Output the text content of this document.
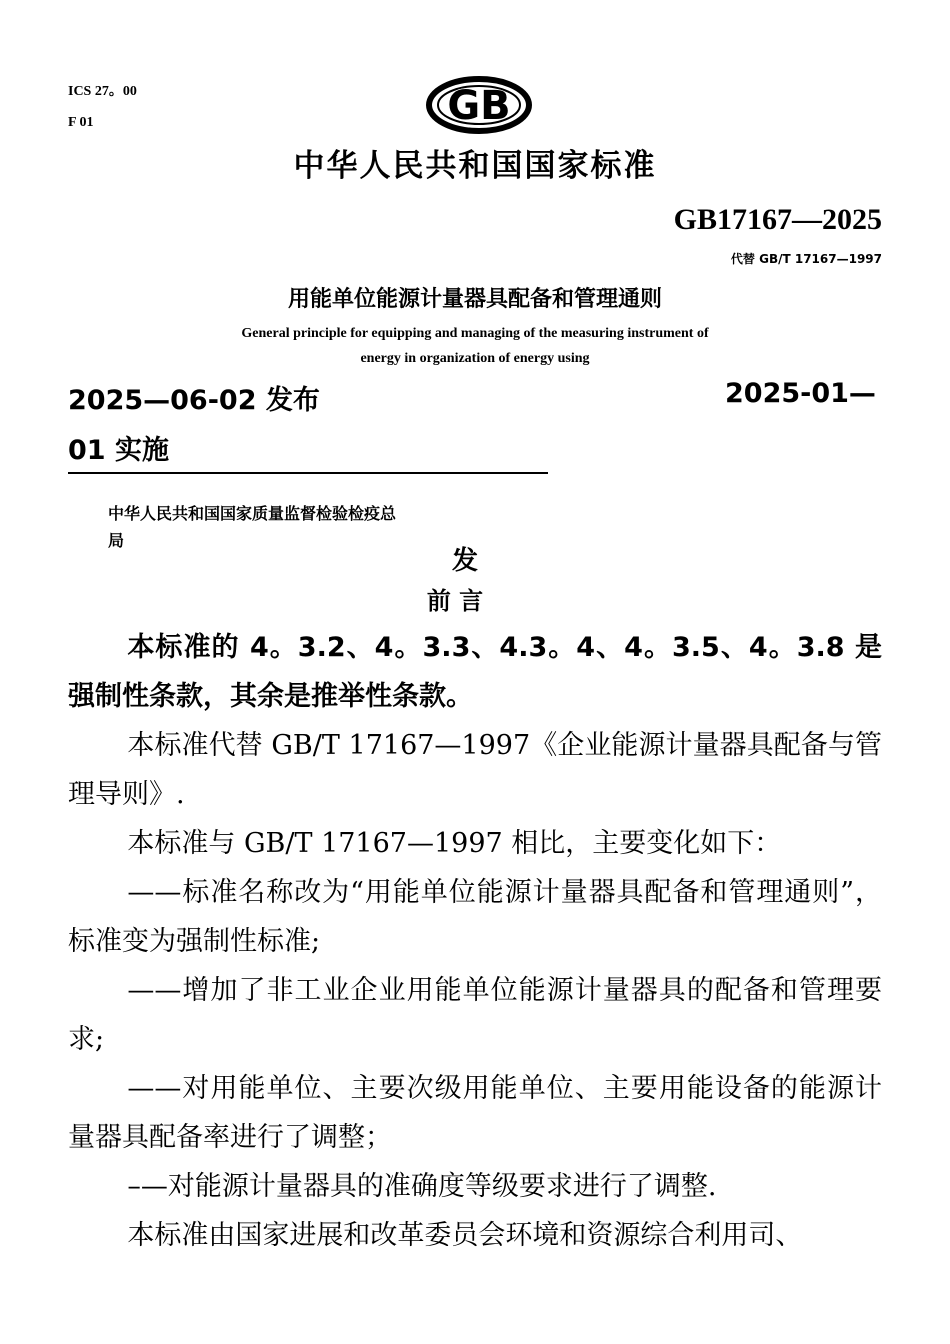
ICS 27。00
F 01	GB
中华人民共和国国家标准
GB17167—2025
代替 GB/T 17167—1997
用能单位能源计量器具配备和管理通则
General principle for equipping and managing of the measuring instrument of
energy in organization of energy using
2025—06-02 发布	2025-01—
01 实施
中华人民共和国国家质量监督检验检疫总
局
发
前 言

本标准的 4。3.2、4。3.3、4.3。4、4。3.5、4。3.8 是强制性条款，其余是推举性条款。

本标准代替 GB/T 17167—1997《企业能源计量器具配备与管理导则》.

本标准与 GB/T 17167—1997 相比，主要变化如下：

——标准名称改为“用能单位能源计量器具配备和管理通则”，标准变为强制性标准;

——增加了非工业企业用能单位能源计量器具的配备和管理要求;

——对用能单位、主要次级用能单位、主要用能设备的能源计量器具配备率进行了调整；

–—对能源计量器具的准确度等级要求进行了调整.

本标准由国家进展和改革委员会环境和资源综合利用司、
